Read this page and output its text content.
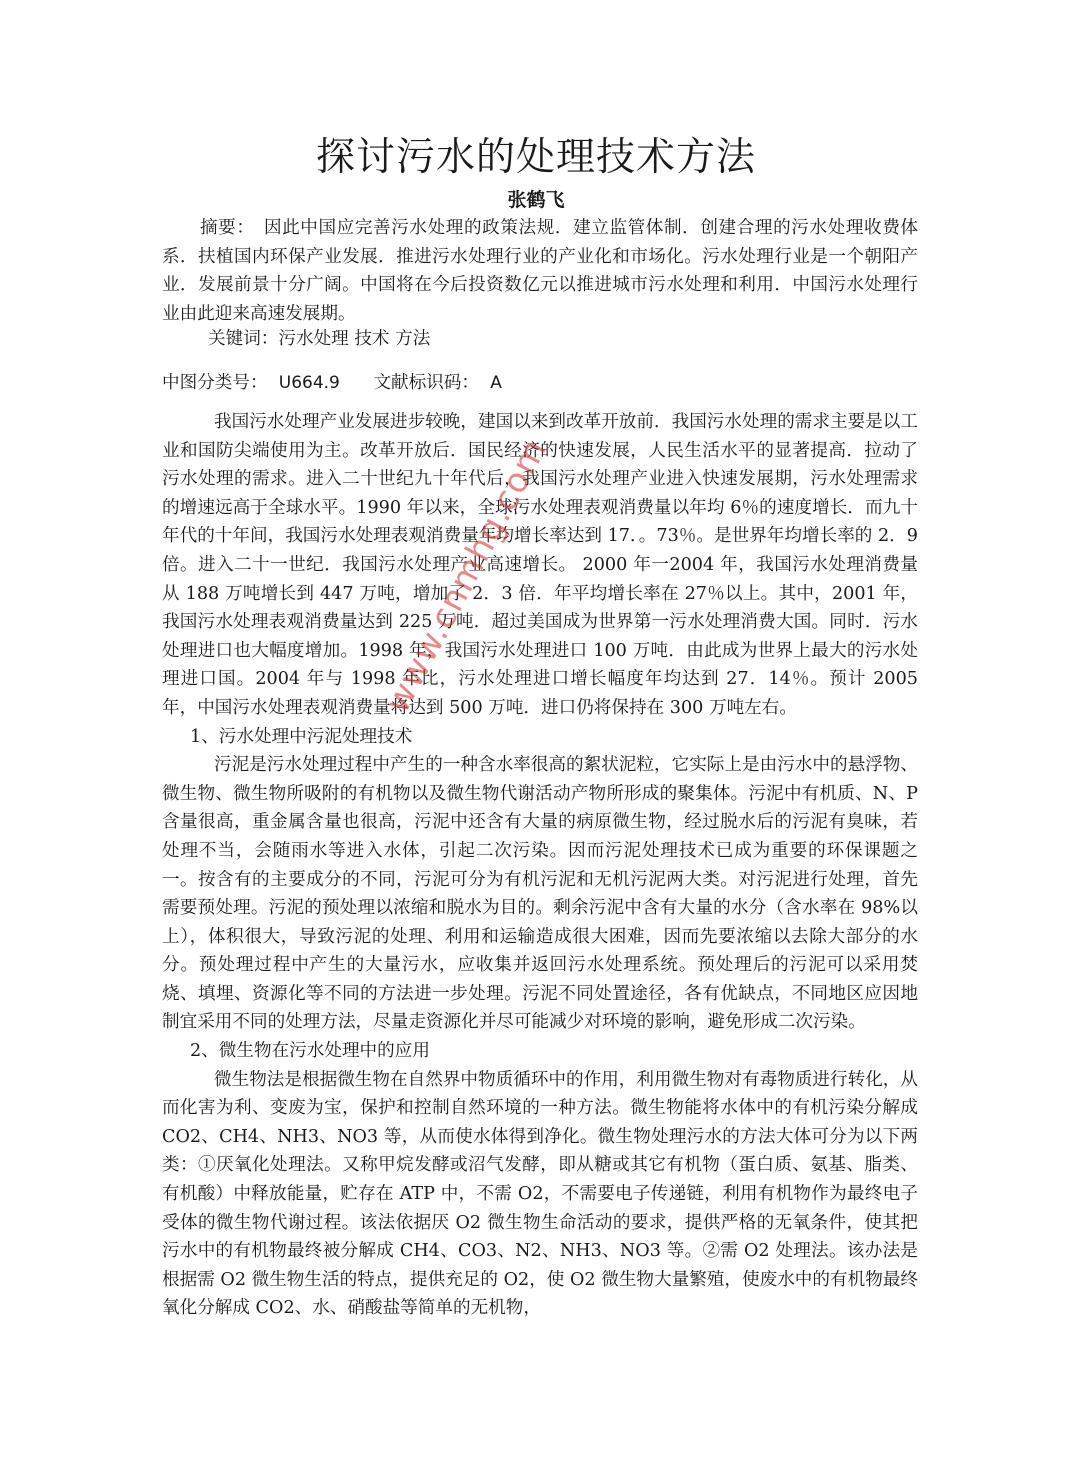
探讨污水的处理技术方法
张鹤飞
摘要：　因此中国应完善污水处理的政策法规．建立监管体制．创建合理的污水处理收费体系．扶植国内环保产业发展．推进污水处理行业的产业化和市场化。污水处理行业是一个朝阳产业．发展前景十分广阔。中国将在今后投资数亿元以推进城市污水处理和利用．中国污水处理行业由此迎来高速发展期。
关键词：污水处理 技术 方法
中图分类号： U664.9 文献标识码： A

我国污水处理产业发展进步较晚，建国以来到改革开放前．我国污水处理的需求主要是以工业和国防尖端使用为主。改革开放后．国民经济的快速发展，人民生活水平的显著提高．拉动了污水处理的需求。进入二十世纪九十年代后，我国污水处理产业进入快速发展期，污水处理需求的增速远高于全球水平。1990 年以来，全球污水处理表观消费量以年均 6％的速度增长．而九十年代的十年间，我国污水处理表观消费量年均增长率达到 17．。73％。是世界年均增长率的 2．9 倍。进入二十一世纪．我国污水处理产业高速增长。 2000 年一2004 年，我国污水处理消费量从 188 万吨增长到 447 万吨，增加了 2．3 倍．年平均增长率在 27％以上。其中，2001 年，我国污水处理表观消费量达到 225 万吨．超过美国成为世界第一污水处理消费大国。同时．污水处理进口也大幅度增加。1998 年，我国污水处理进口 100 万吨．由此成为世界上最大的污水处理进口国。2004 年与 1998 年比，污水处理进口增长幅度年均达到 27．14％。预计 2005 年，中国污水处理表观消费量将达到 500 万吨．进口仍将保持在 300 万吨左右。

1、污水处理中污泥处理技术

污泥是污水处理过程中产生的一种含水率很高的絮状泥粒，它实际上是由污水中的悬浮物、微生物、微生物所吸附的有机物以及微生物代谢活动产物所形成的聚集体。污泥中有机质、N、P 含量很高，重金属含量也很高，污泥中还含有大量的病原微生物，经过脱水后的污泥有臭味，若处理不当，会随雨水等进入水体，引起二次污染。因而污泥处理技术已成为重要的环保课题之一。按含有的主要成分的不同，污泥可分为有机污泥和无机污泥两大类。对污泥进行处理，首先需要预处理。污泥的预处理以浓缩和脱水为目的。剩余污泥中含有大量的水分（含水率在 98%以上），体积很大，导致污泥的处理、利用和运输造成很大困难，因而先要浓缩以去除大部分的水分。预处理过程中产生的大量污水，应收集并返回污水处理系统。预处理后的污泥可以采用焚烧、填埋、资源化等不同的方法进一步处理。污泥不同处置途径，各有优缺点，不同地区应因地制宜采用不同的处理方法，尽量走资源化并尽可能减少对环境的影响，避免形成二次污染。

2、微生物在污水处理中的应用

微生物法是根据微生物在自然界中物质循环中的作用，利用微生物对有毒物质进行转化，从而化害为利、变废为宝，保护和控制自然环境的一种方法。微生物能将水体中的有机污染分解成 CO2、CH4、NH3、NO3 等，从而使水体得到净化。微生物处理污水的方法大体可分为以下两类：①厌氧化处理法。又称甲烷发酵或沼气发酵，即从糖或其它有机物（蛋白质、氨基、脂类、有机酸）中释放能量，贮存在 ATP 中，不需 O2，不需要电子传递链，利用有机物作为最终电子受体的微生物代谢过程。该法依据厌 O2 微生物生命活动的要求，提供严格的无氧条件，使其把污水中的有机物最终被分解成 CH4、CO3、N2、NH3、NO3 等。②需 O2 处理法。该办法是根据需 O2 微生物生活的特点，提供充足的 O2，使 O2 微生物大量繁殖，使废水中的有机物最终氧化分解成 CO2、水、硝酸盐等简单的无机物，

www.cnmhg.com
